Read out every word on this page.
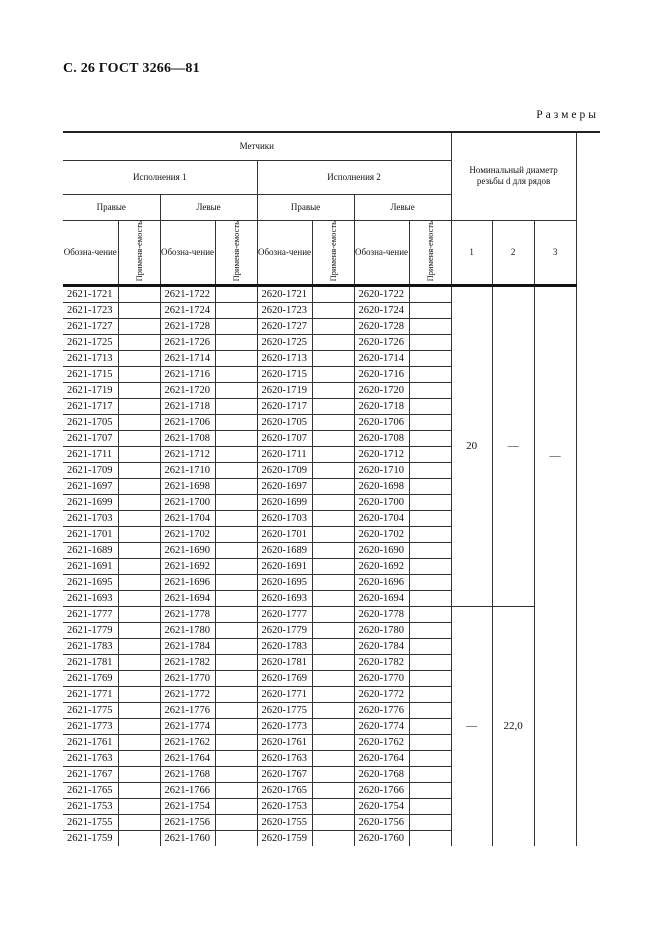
С. 26 ГОСТ 3266—81
Размеры
Метчики								Номинальный диаметр резьбы d для рядов			
Исполнения 1				Исполнения 2							
Правые		Левые		Правые		Левые					
Обозна-чение	Применя-емость	Обозна-чение	Применя-емость	Обозна-чение	Применя-емость	Обозна-чение	Применя-емость	1	2	3	
2621-1721		2621-1722		2620-1721		2620-1722		20	—	—	
2621-1723		2621-1724		2620-1723		2620-1724					
2621-1727		2621-1728		2620-1727		2620-1728					
2621-1725		2621-1726		2620-1725		2620-1726					
2621-1713		2621-1714		2620-1713		2620-1714					
2621-1715		2621-1716		2620-1715		2620-1716					
2621-1719		2621-1720		2620-1719		2620-1720					
2621-1717		2621-1718		2620-1717		2620-1718					
2621-1705		2621-1706		2620-1705		2620-1706					
2621-1707		2621-1708		2620-1707		2620-1708					
2621-1711		2621-1712		2620-1711		2620-1712					
2621-1709		2621-1710		2620-1709		2620-1710					
2621-1697		2621-1698		2620-1697		2620-1698					
2621-1699		2621-1700		2620-1699		2620-1700					
2621-1703		2621-1704		2620-1703		2620-1704					
2621-1701		2621-1702		2620-1701		2620-1702					
2621-1689		2621-1690		2620-1689		2620-1690					
2621-1691		2621-1692		2620-1691		2620-1692					
2621-1695		2621-1696		2620-1695		2620-1696					
2621-1693		2621-1694		2620-1693		2620-1694					
2621-1777		2621-1778		2620-1777		2620-1778		—	22,0		
2621-1779		2621-1780		2620-1779		2620-1780					
2621-1783		2621-1784		2620-1783		2620-1784					
2621-1781		2621-1782		2620-1781		2620-1782					
2621-1769		2621-1770		2620-1769		2620-1770					
2621-1771		2621-1772		2620-1771		2620-1772					
2621-1775		2621-1776		2620-1775		2620-1776					
2621-1773		2621-1774		2620-1773		2620-1774					
2621-1761		2621-1762		2620-1761		2620-1762					
2621-1763		2621-1764		2620-1763		2620-1764					
2621-1767		2621-1768		2620-1767		2620-1768					
2621-1765		2621-1766		2620-1765		2620-1766					
2621-1753		2621-1754		2620-1753		2620-1754					
2621-1755		2621-1756		2620-1755		2620-1756					
2621-1759		2621-1760		2620-1759		2620-1760					
